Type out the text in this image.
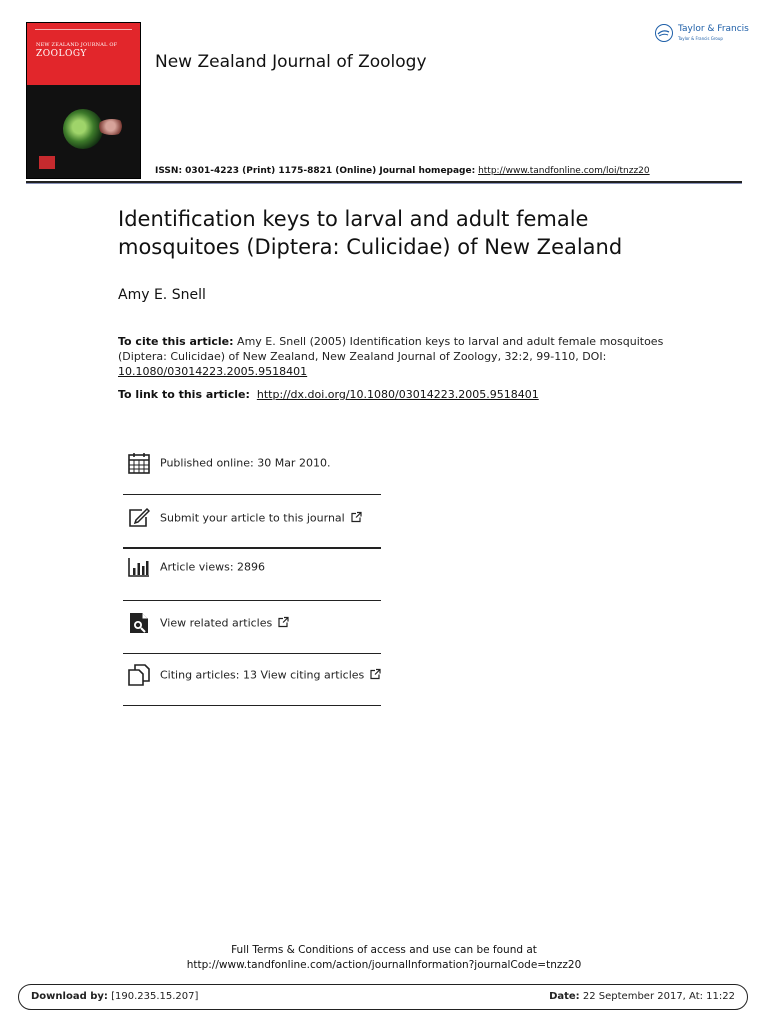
NEW ZEALAND JOURNAL OF
ZOOLOGY	New Zealand Journal of Zoology
ISSN: 0301-4223 (Print) 1175-8821 (Online) Journal homepage: http://www.tandfonline.com/loi/tnzz20
Taylor & Francis
Taylor & Francis Group
Identification keys to larval and adult female mosquitoes (Diptera: Culicidae) of New Zealand
Amy E. Snell
To cite this article: Amy E. Snell (2005) Identification keys to larval and adult female mosquitoes (Diptera: Culicidae) of New Zealand, New Zealand Journal of Zoology, 32:2, 99-110, DOI:
10.1080/03014223.2005.9518401
To link to this article: http://dx.doi.org/10.1080/03014223.2005.9518401
Published online: 30 Mar 2010.
Submit your article to this journal
Article views: 2896
View related articles
Citing articles: 13 View citing articles
Full Terms & Conditions of access and use can be found at
http://www.tandfonline.com/action/journalInformation?journalCode=tnzz20
Download by: [190.235.15.207]	Date: 22 September 2017, At: 11:22
